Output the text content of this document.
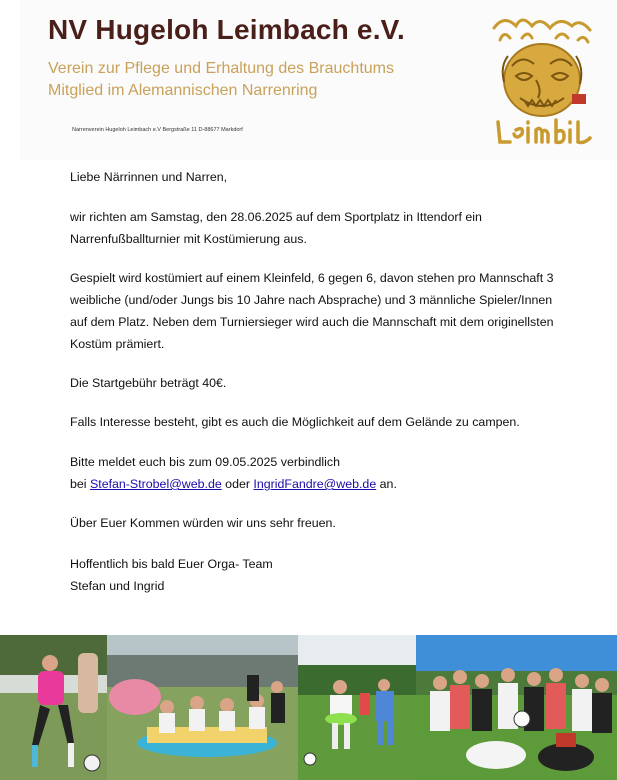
NV Hugeloh Leimbach e.V.
Verein zur Pflege und Erhaltung des Brauchtums
Mitglied im Alemannischen Narrenring
Narrenverein Hugeloh Leimbach e.V Bergstraße 11 D-88677 Markdorf

Liebe Närrinnen und Narren,

wir richten am Samstag, den 28.06.2025 auf dem Sportplatz in Ittendorf ein Narrenfußballturnier mit Kostümierung aus.

Gespielt wird kostümiert auf einem Kleinfeld, 6 gegen 6, davon stehen pro Mannschaft 3 weibliche (und/oder Jungs bis 10 Jahre nach Absprache) und 3 männliche Spieler/Innen auf dem Platz. Neben dem Turniersieger wird auch die Mannschaft mit dem originellsten Kostüm prämiert.

Die Startgebühr beträgt 40€.

Falls Interesse besteht, gibt es auch die Möglichkeit auf dem Gelände zu campen.

Bitte meldet euch bis zum 09.05.2025 verbindlich

bei Stefan-Strobel@web.de oder IngridFandre@web.de an.

Über Euer Kommen würden wir uns sehr freuen.

Hoffentlich bis bald Euer Orga- Team

Stefan und Ingrid
